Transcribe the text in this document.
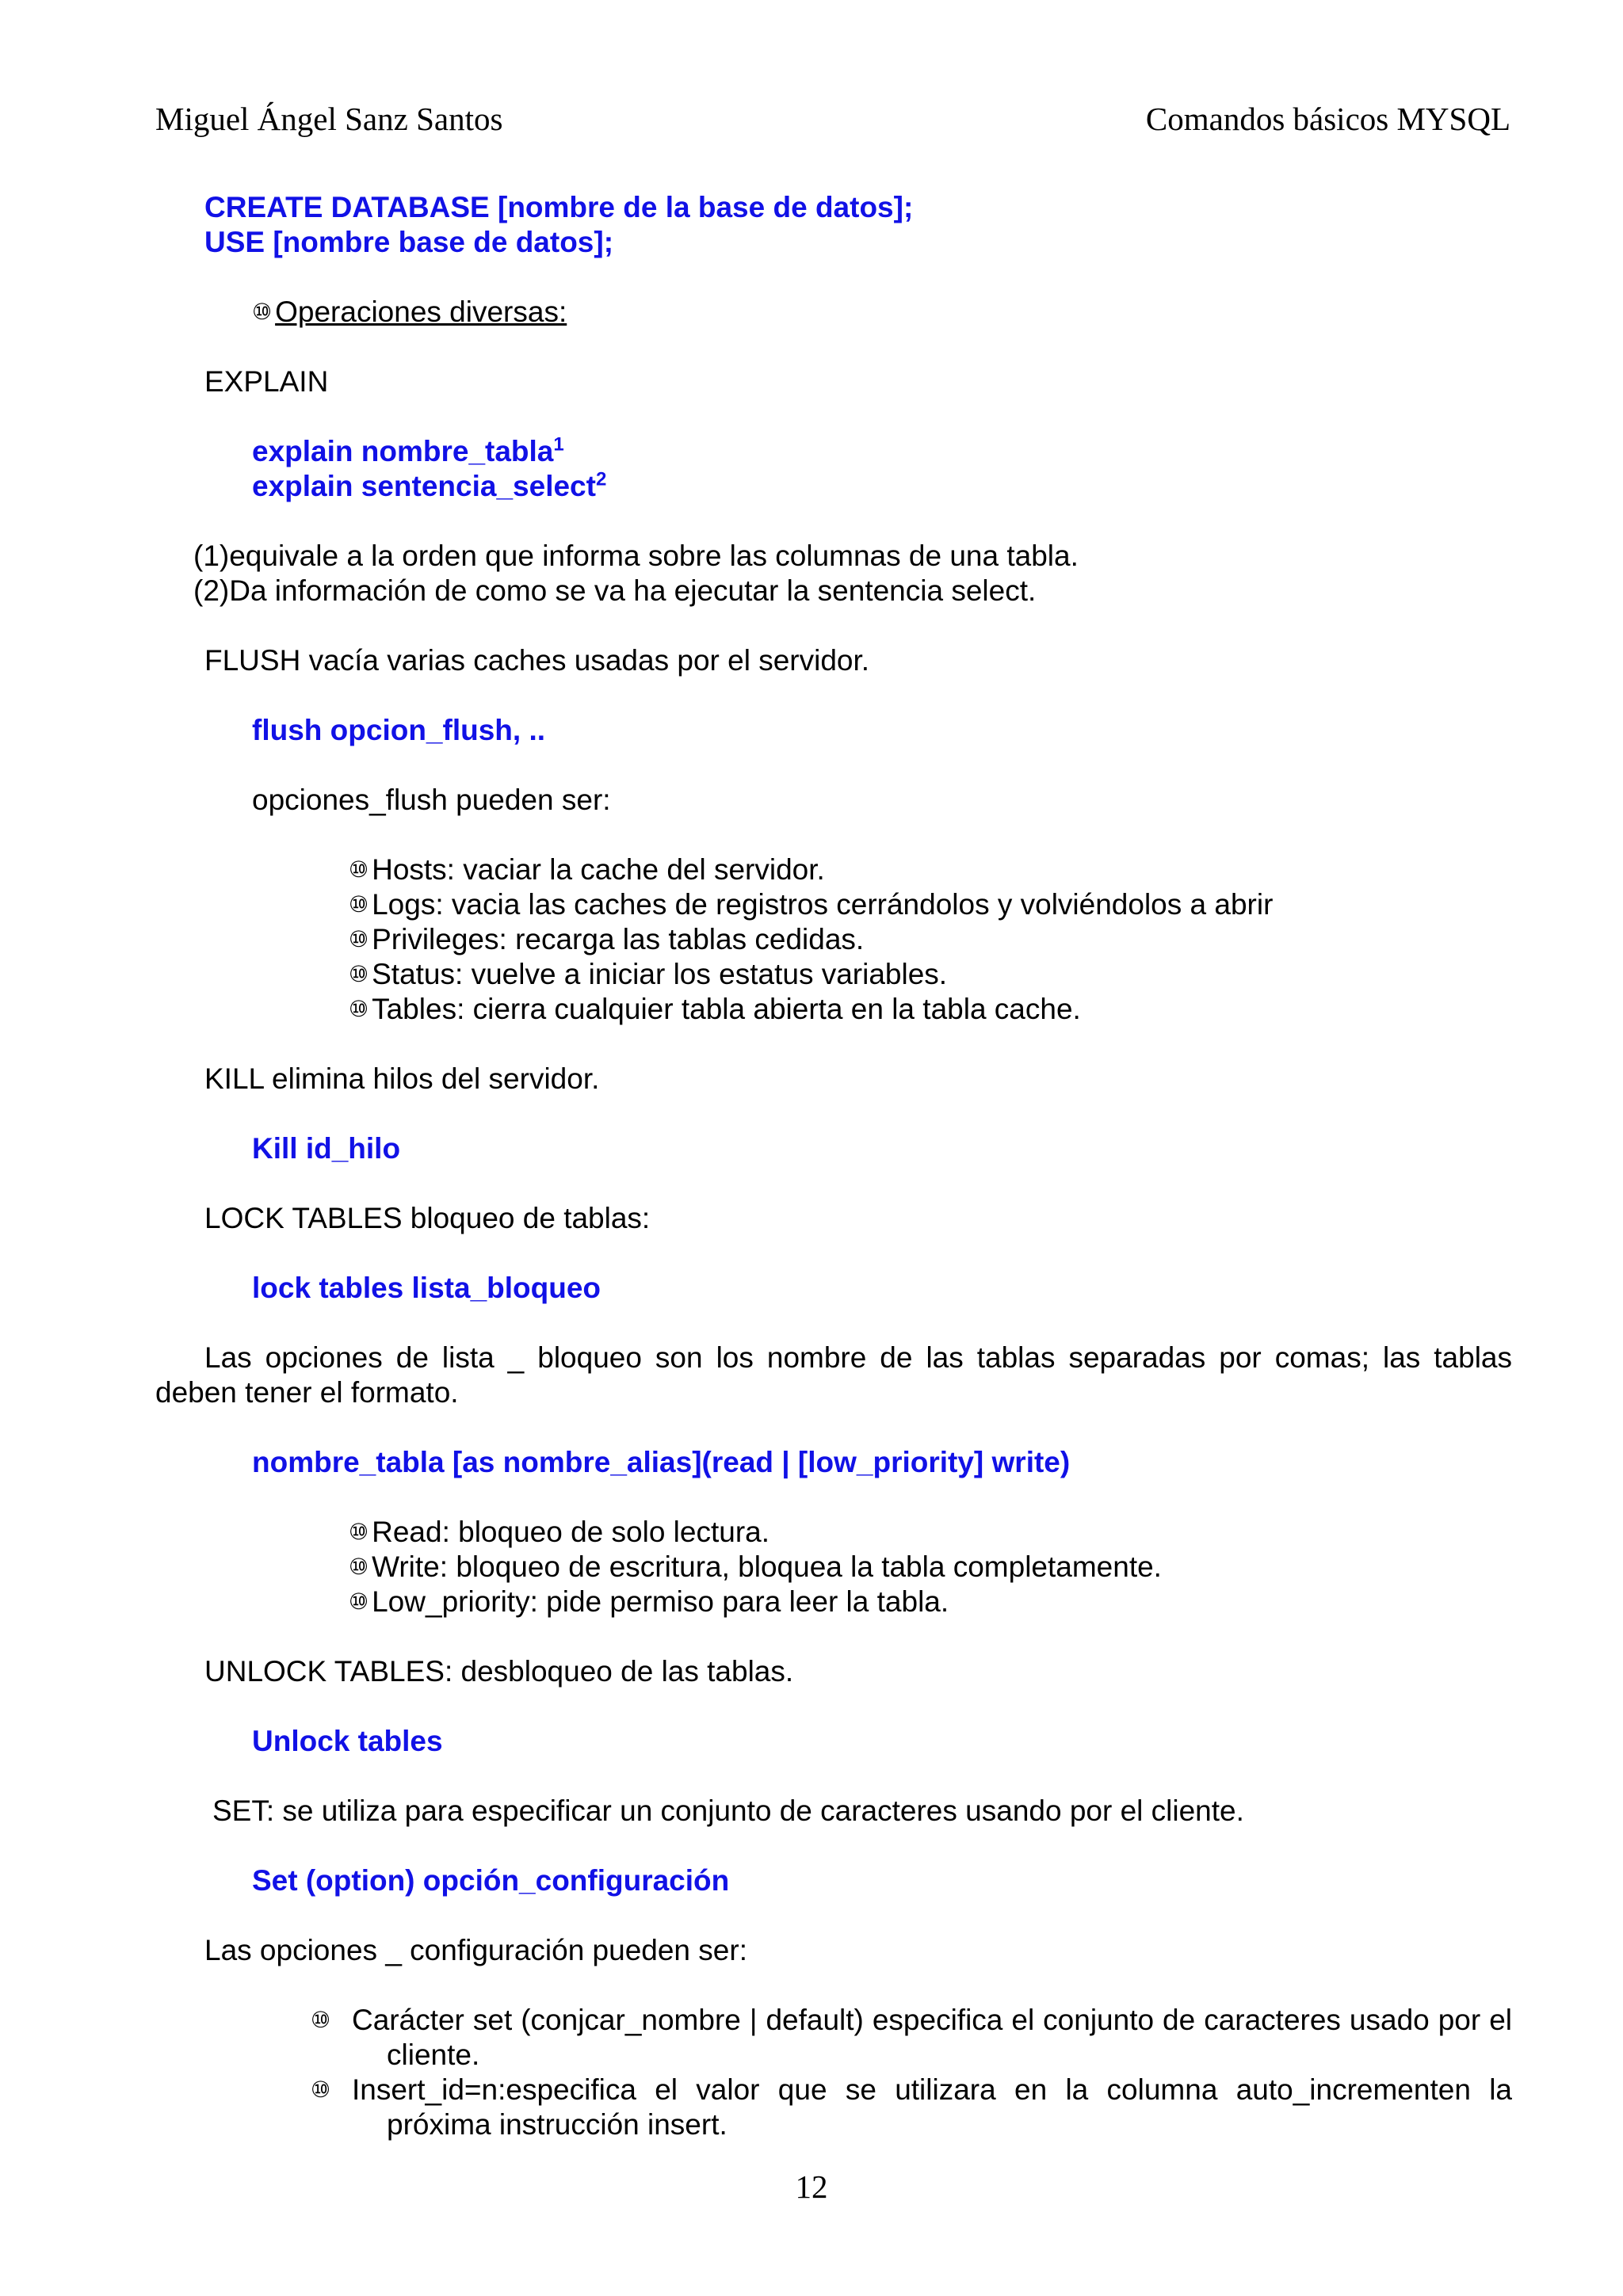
Miguel Ángel Sanz Santos	Comandos básicos MYSQL
CREATE DATABASE [nombre de la base de datos];
USE [nombre base de datos];
⑩ Operaciones diversas:
EXPLAIN
explain nombre_tabla$^1$
explain sentencia_select$^2$
(1)equivale a la orden que informa sobre las columnas de una tabla.
(2)Da información de como se va ha ejecutar la sentencia select.
FLUSH vacía varias caches usadas por el servidor.
flush opcion_flush, ..
opciones_flush pueden ser:
⑩ Hosts: vaciar la cache del servidor.
⑩ Logs: vacia las caches de registros cerrándolos y volviéndolos a abrir
⑩ Privileges: recarga las tablas cedidas.
⑩ Status: vuelve a iniciar los estatus variables.
⑩ Tables: cierra cualquier tabla abierta en la tabla cache.
KILL elimina hilos del servidor.
Kill id_hilo
LOCK TABLES bloqueo de tablas:
lock tables lista_bloqueo
Las opciones de lista _ bloqueo son los nombre de las tablas separadas por comas; las tablas deben tener el formato.
nombre_tabla [as nombre_alias](read | [low_priority] write)
⑩ Read: bloqueo de solo lectura.
⑩ Write: bloqueo de escritura, bloquea la tabla completamente.
⑩ Low_priority: pide permiso para leer la tabla.
UNLOCK TABLES: desbloqueo de las tablas.
Unlock tables
SET: se utiliza para especificar un conjunto de caracteres usando por el cliente.
Set (option) opción_configuración
Las opciones _ configuración pueden ser:
⑩ Carácter set (conjcar_nombre | default) especifica el conjunto de caracteres usado por el cliente.
⑩ Insert_id=n:especifica el valor que se utilizara en la columna auto_incrementen la próxima instrucción insert.
12
